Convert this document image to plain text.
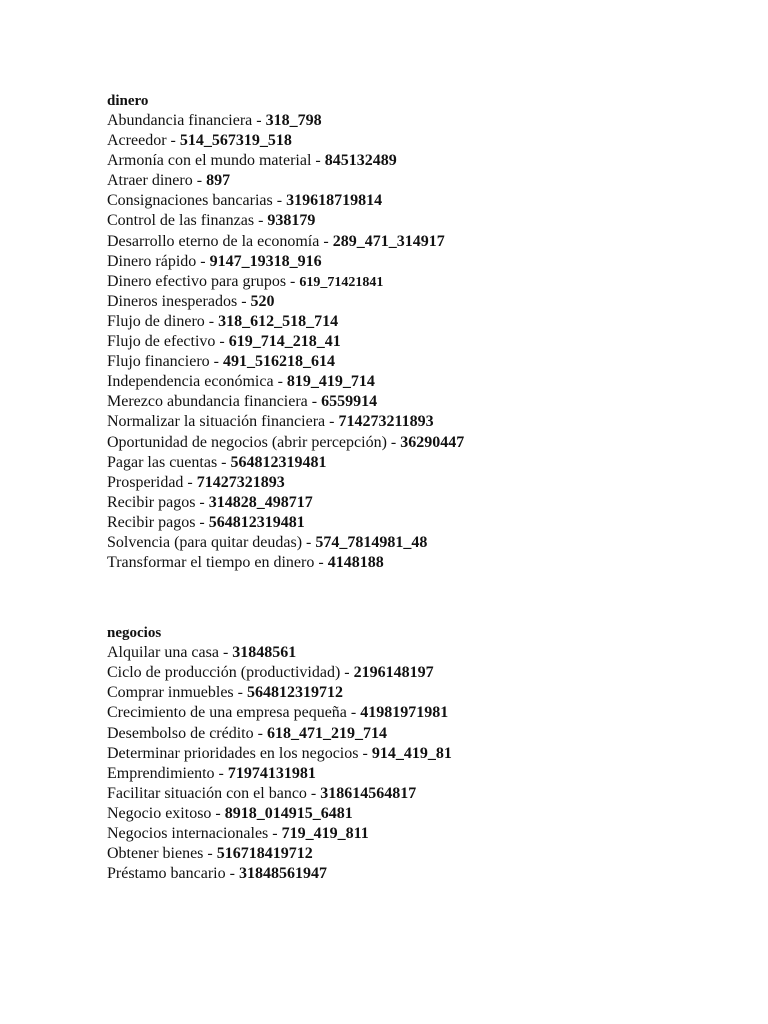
dinero
Abundancia financiera - 318_798
Acreedor - 514_567319_518
Armonía con el mundo material - 845132489
Atraer dinero - 897
Consignaciones bancarias - 319618719814
Control de las finanzas - 938179
Desarrollo eterno de la economía - 289_471_314917
Dinero rápido - 9147_19318_916
Dinero efectivo para grupos - 619_71421841
Dineros inesperados - 520
Flujo de dinero - 318_612_518_714
Flujo de efectivo - 619_714_218_41
Flujo financiero - 491_516218_614
Independencia económica - 819_419_714
Merezco abundancia financiera - 6559914
Normalizar la situación financiera - 714273211893
Oportunidad de negocios (abrir percepción) - 36290447
Pagar las cuentas - 564812319481
Prosperidad - 71427321893
Recibir pagos - 314828_498717
Recibir pagos - 564812319481
Solvencia (para quitar deudas) - 574_7814981_48
Transformar el tiempo en dinero - 4148188
negocios
Alquilar una casa - 31848561
Ciclo de producción (productividad) - 2196148197
Comprar inmuebles - 564812319712
Crecimiento de una empresa pequeña - 41981971981
Desembolso de crédito - 618_471_219_714
Determinar prioridades en los negocios - 914_419_81
Emprendimiento - 71974131981
Facilitar situación con el banco - 318614564817
Negocio exitoso - 8918_014915_6481
Negocios internacionales - 719_419_811
Obtener bienes - 516718419712
Préstamo bancario - 31848561947
